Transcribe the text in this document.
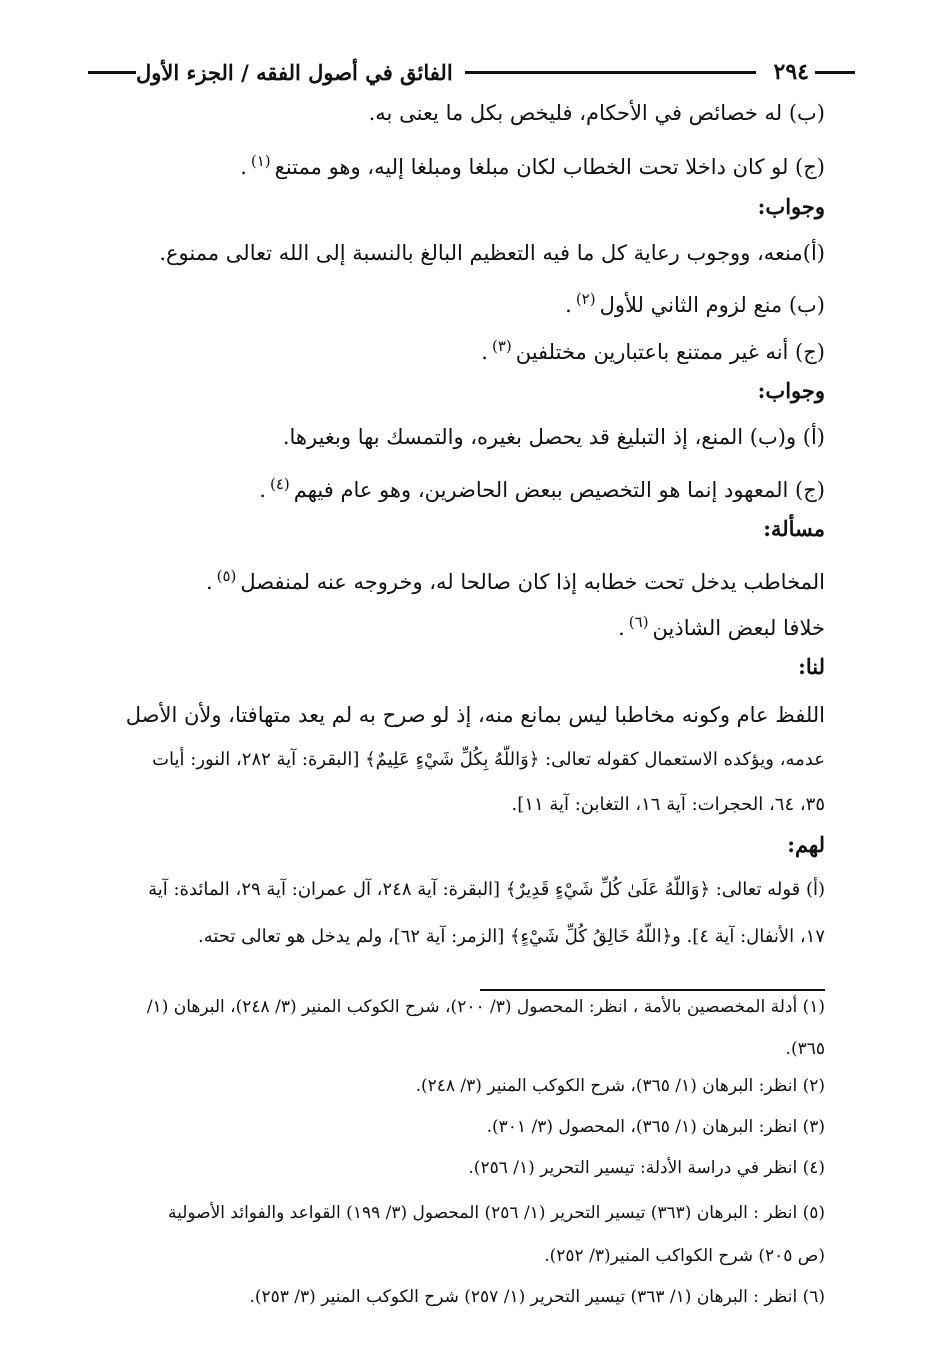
٢٩٤
الفائق في أصول الفقه / الجزء الأول
(ب) له خصائص في الأحكام، فليخص بكل ما يعنى به.
(ج) لو كان داخلا تحت الخطاب لكان مبلغا ومبلغا إليه، وهو ممتنع$^{(١)}$.
وجواب:
(أ)منعه، ووجوب رعاية كل ما فيه التعظيم البالغ بالنسبة إلى الله تعالى ممنوع.
(ب) منع لزوم الثاني للأول$^{(٢)}$.
(ج) أنه غير ممتنع باعتبارين مختلفين$^{(٣)}$.
وجواب:
(أ) و(ب) المنع، إذ التبليغ قد يحصل بغيره، والتمسك بها وبغيرها.
(ج) المعهود إنما هو التخصيص ببعض الحاضرين، وهو عام فيهم$^{(٤)}$.
مسألة:
المخاطب يدخل تحت خطابه إذا كان صالحا له، وخروجه عنه لمنفصل$^{(٥)}$.
خلافا لبعض الشاذين$^{(٦)}$.
لنا:
اللفظ عام وكونه مخاطبا ليس بمانع منه، إذ لو صرح به لم يعد متهافتا، ولأن الأصل
عدمه، ويؤكده الاستعمال كقوله تعالى: ﴿وَاللَّهُ بِكُلِّ شَيْءٍ عَلِيمٌ﴾ [البقرة: آية ٢٨٢، النور: أيات
٣٥، ٦٤، الحجرات: آية ١٦، التغابن: آية ١١].
لهم:
(أ) قوله تعالى: ﴿وَاللَّهُ عَلَىٰ كُلِّ شَيْءٍ قَدِيرٌ﴾ [البقرة: آية ٢٤٨، آل عمران: آية ٢٩، المائدة: آية
١٧، الأنفال: آية ٤]. و﴿اللَّهُ خَالِقُ كُلِّ شَيْءٍ﴾ [الزمر: آية ٦٢]، ولم يدخل هو تعالى تحته.
(١) أدلة المخصصين بالأمة ، انظر: المحصول (٣/ ٢٠٠)، شرح الكوكب المنير (٣/ ٢٤٨)، البرهان (١/
٣٦٥).
(٢) انظر: البرهان (١/ ٣٦٥)، شرح الكوكب المنير (٣/ ٢٤٨).
(٣) انظر: البرهان (١/ ٣٦٥)، المحصول (٣/ ٣٠١).
(٤) انظر في دراسة الأدلة: تيسير التحرير (١/ ٢٥٦).
(٥) انظر : البرهان (٣٦٣) تيسير التحرير (١/ ٢٥٦) المحصول (٣/ ١٩٩) القواعد والفوائد الأصولية
(ص ٢٠٥) شرح الكواكب المنير(٣/ ٢٥٢).
(٦) انظر : البرهان (١/ ٣٦٣) تيسير التحرير (١/ ٢٥٧) شرح الكوكب المنير (٣/ ٢٥٣).
